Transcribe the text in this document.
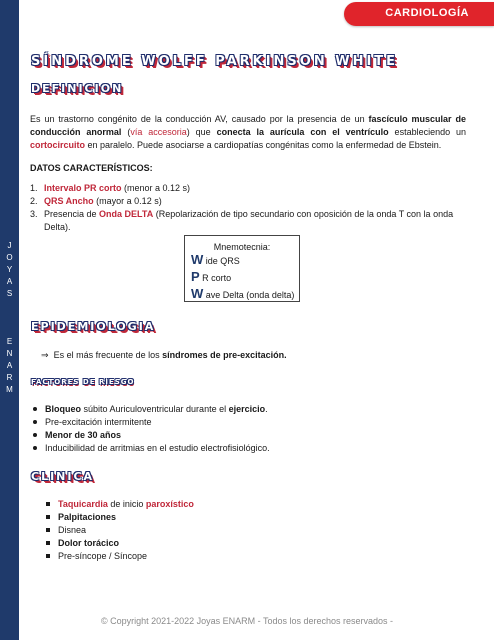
J
O
Y
A
S
E
N
A
R
M
CARDIOLOGÍA
SÍNDROME WOLFF PARKINSON WHITE
DEFINICION
Es un trastorno congénito de la conducción AV, causado por la presencia de un fascículo muscular de conducción anormal (vía accesoria) que conecta la aurícula con el ventrículo estableciendo un cortocircuito en paralelo. Puede asociarse a cardiopatías congénitas como la enfermedad de Ebstein.
DATOS CARACTERÍSTICOS:
1. Intervalo PR corto (menor a 0.12 s)
2. QRS Ancho (mayor a 0.12 s)
3. Presencia de Onda DELTA (Repolarización de tipo secundario con oposición de la onda T con la onda Delta).
Mnemotecnia:
W ide QRS
P R corto
W ave Delta (onda delta)
EPIDEMIOLOGIA
⇒ Es el más frecuente de los síndromes de pre-excitación.
FACTORES DE RIESGO
Bloqueo súbito Auriculoventricular durante el ejercicio.
Pre-excitación intermitente
Menor de 30 años
Inducibilidad de arritmias en el estudio electrofisiológico.
CLINICA
Taquicardia de inicio paroxístico
Palpitaciones
Disnea
Dolor torácico
Pre-síncope / Síncope
© Copyright 2021-2022 Joyas ENARM - Todos los derechos reservados -
